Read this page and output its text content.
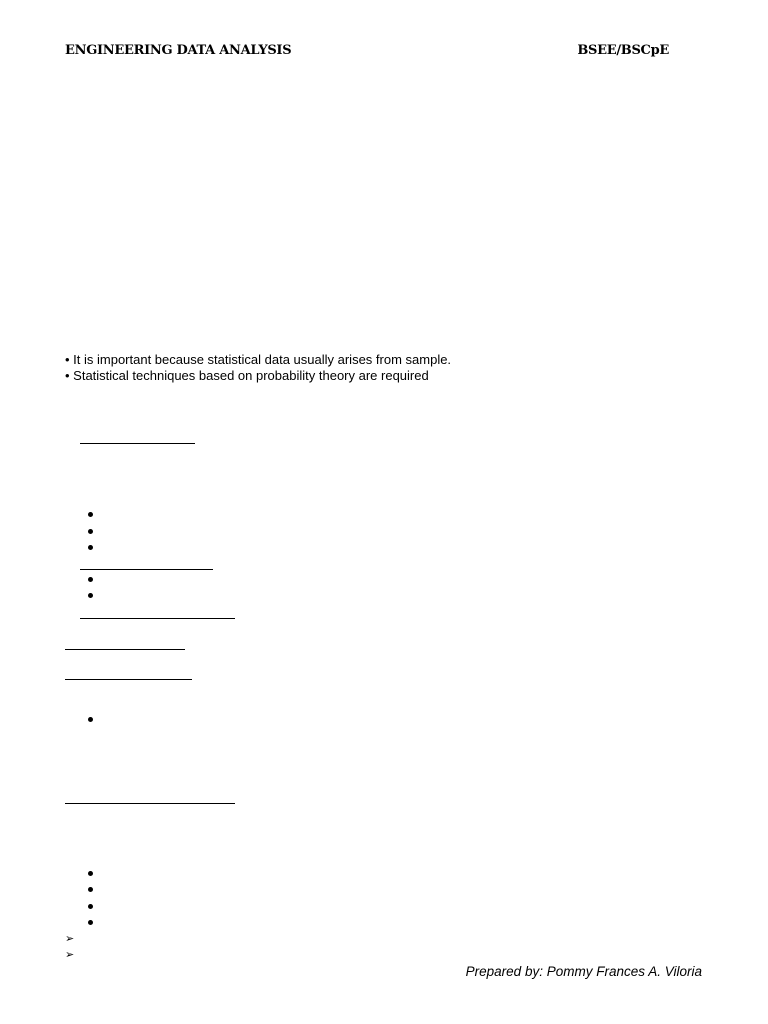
ENGINEERING DATA ANALYSIS	BSEE/BSCpE
• It is important because statistical data usually arises from sample.
• Statistical techniques based on probability theory are required
➢
➢
Prepared by: Pommy Frances A. Viloria
